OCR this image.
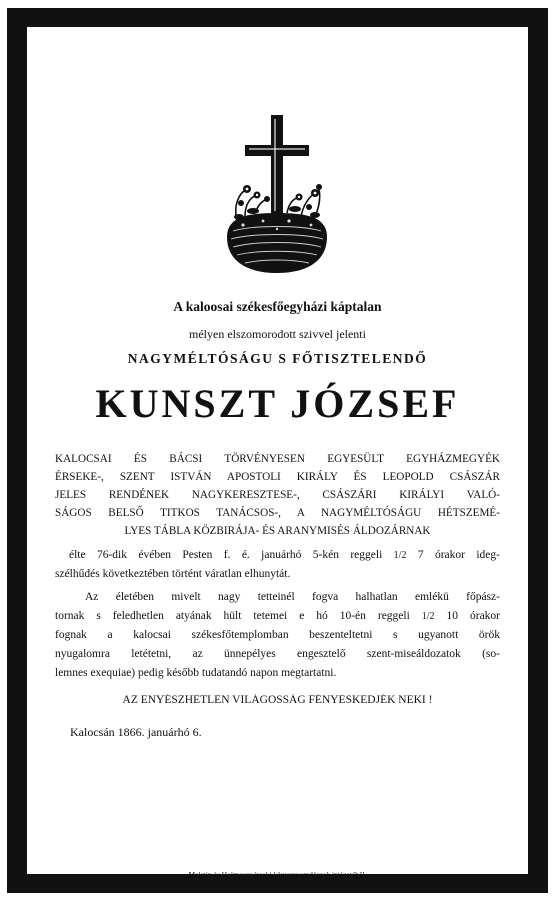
A kaloosai székesfőegyházi káptalan
mélyen elszomorodott szivvel jelenti
NAGYMÉLTÓSÁGU S FŐTISZTELENDŐ
KUNSZT JÓZSEF
KALOCSAI ÉS BÁCSI TÖRVÉNYESEN EGYESÜLT EGYHÁZMEGYÉK
ÉRSEKE-, SZENT ISTVÁN APOSTOLI KIRÁLY ÉS LEOPOLD CSÁSZÁR
JELES RENDÉNEK NAGYKERESZTESE-, CSÁSZÁRI KIRÁLYI VALÓ-
SÁGOS BELSŐ TITKOS TANÁCSOS-, A NAGYMÉLTÓSÁGU HÉTSZEMÉ-
LYES TÁBLA KÖZBIRÁJA- ÉS ARANYMISÉS ÁLDOZÁRNAK
élte 76-dik évében Pesten f. é. januárhó 5-kén reggeli 1/2 7 órakor ideg-
szélhűdés következtében történt váratlan elhunytát.
Az életében mivelt nagy tetteinél fogva halhatlan emlékü főpász-
tornak s feledhetlen atyának hült tetemei e hó 10-én reggeli 1/2 10 órakor
fognak a kalocsai székesfőtemplomban beszenteltetni s ugyanott örök
nyugalomra letétetni, az ünnepélyes engesztelő szent-miseáldozatok (so-
lemnes exequiae) pedig később tudatandó napon megtartatni.
AZ ENYÉSZHETLEN VILÁGOSSÁG FÉNYESKEDJÉK NEKI !
Kalocsán 1866. januárhó 6.
Malatin és Holmeyer érseki könyvnyomdászok intézetéből.
